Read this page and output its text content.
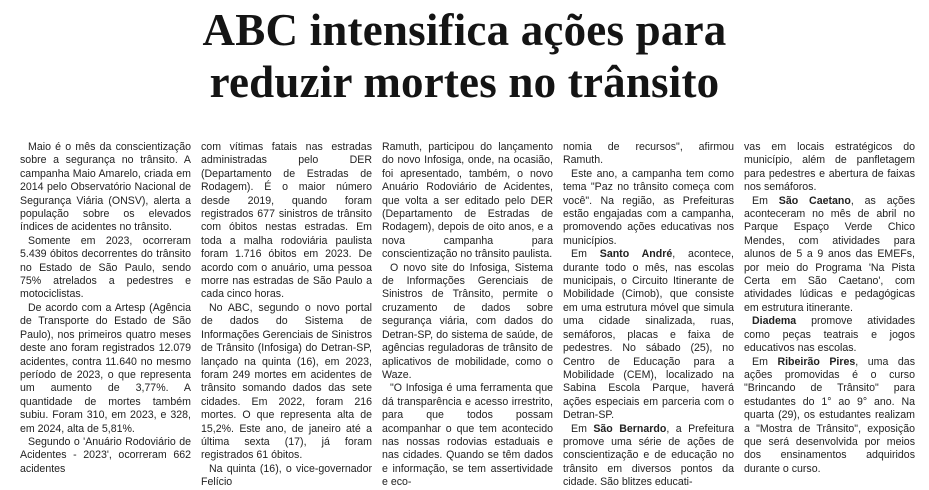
ABC intensifica ações para
reduzir mortes no trânsito

Maio é o mês da conscientização sobre a segurança no trânsito. A campanha Maio Amarelo, criada em 2014 pelo Observatório Nacional de Segurança Viária (ONSV), alerta a população sobre os elevados índices de acidentes no trânsito.

Somente em 2023, ocorreram 5.439 óbitos decorrentes do trânsito no Estado de São Paulo, sendo 75% atrelados a pedestres e motociclistas.

De acordo com a Artesp (Agência de Transporte do Estado de São Paulo), nos primeiros quatro meses deste ano foram registrados 12.079 acidentes, contra 11.640 no mesmo período de 2023, o que representa um aumento de 3,77%. A quantidade de mortes também subiu. Foram 310, em 2023, e 328, em 2024, alta de 5,81%.

Segundo o 'Anuário Rodoviário de Acidentes - 2023', ocorreram 662 acidentes

com vítimas fatais nas estradas administradas pelo DER (Departamento de Estradas de Rodagem). É o maior número desde 2019, quando foram registrados 677 sinistros de trânsito com óbitos nestas estradas. Em toda a malha rodoviária paulista foram 1.716 óbitos em 2023. De acordo com o anuário, uma pessoa morre nas estradas de São Paulo a cada cinco horas.

No ABC, segundo o novo portal de dados do Sistema de Informações Gerenciais de Sinistros de Trânsito (Infosiga) do Detran-SP, lançado na quinta (16), em 2023, foram 249 mortes em acidentes de trânsito somando dados das sete cidades. Em 2022, foram 216 mortes. O que representa alta de 15,2%. Este ano, de janeiro até a última sexta (17), já foram registrados 61 óbitos.

Na quinta (16), o vice-governador Felício

Ramuth, participou do lançamento do novo Infosiga, onde, na ocasião, foi apresentado, também, o novo Anuário Rodoviário de Acidentes, que volta a ser editado pelo DER (Departamento de Estradas de Rodagem), depois de oito anos, e a nova campanha para conscientização no trânsito paulista.

O novo site do Infosiga, Sistema de Informações Gerenciais de Sinistros de Trânsito, permite o cruzamento de dados sobre segurança viária, com dados do Detran-SP, do sistema de saúde, de agências reguladoras de trânsito de aplicativos de mobilidade, como o Waze.

"O Infosiga é uma ferramenta que dá transparência e acesso irrestrito, para que todos possam acompanhar o que tem acontecido nas nossas rodovias estaduais e nas cidades. Quando se têm dados e informação, se tem assertividade e eco-

nomia de recursos", afirmou Ramuth.

Este ano, a campanha tem como tema "Paz no trânsito começa com você". Na região, as Prefeituras estão engajadas com a campanha, promovendo ações educativas nos municípios.

Em Santo André, acontece, durante todo o mês, nas escolas municipais, o Circuito Itinerante de Mobilidade (Cimob), que consiste em uma estrutura móvel que simula uma cidade sinalizada, ruas, semáforos, placas e faixa de pedestres. No sábado (25), no Centro de Educação para a Mobilidade (CEM), localizado na Sabina Escola Parque, haverá ações especiais em parceria com o Detran-SP.

Em São Bernardo, a Prefeitura promove uma série de ações de conscientização e de educação no trânsito em diversos pontos da cidade. São blitzes educati-

vas em locais estratégicos do município, além de panfletagem para pedestres e abertura de faixas nos semáforos.

Em São Caetano, as ações aconteceram no mês de abril no Parque Espaço Verde Chico Mendes, com atividades para alunos de 5 a 9 anos das EMEFs, por meio do Programa 'Na Pista Certa em São Caetano', com atividades lúdicas e pedagógicas em estrutura itinerante.

Diadema promove atividades como peças teatrais e jogos educativos nas escolas.

Em Ribeirão Pires, uma das ações promovidas é o curso "Brincando de Trânsito" para estudantes do 1° ao 9° ano. Na quarta (29), os estudantes realizam a "Mostra de Trânsito", exposição que será desenvolvida por meios dos ensinamentos adquiridos durante o curso.
